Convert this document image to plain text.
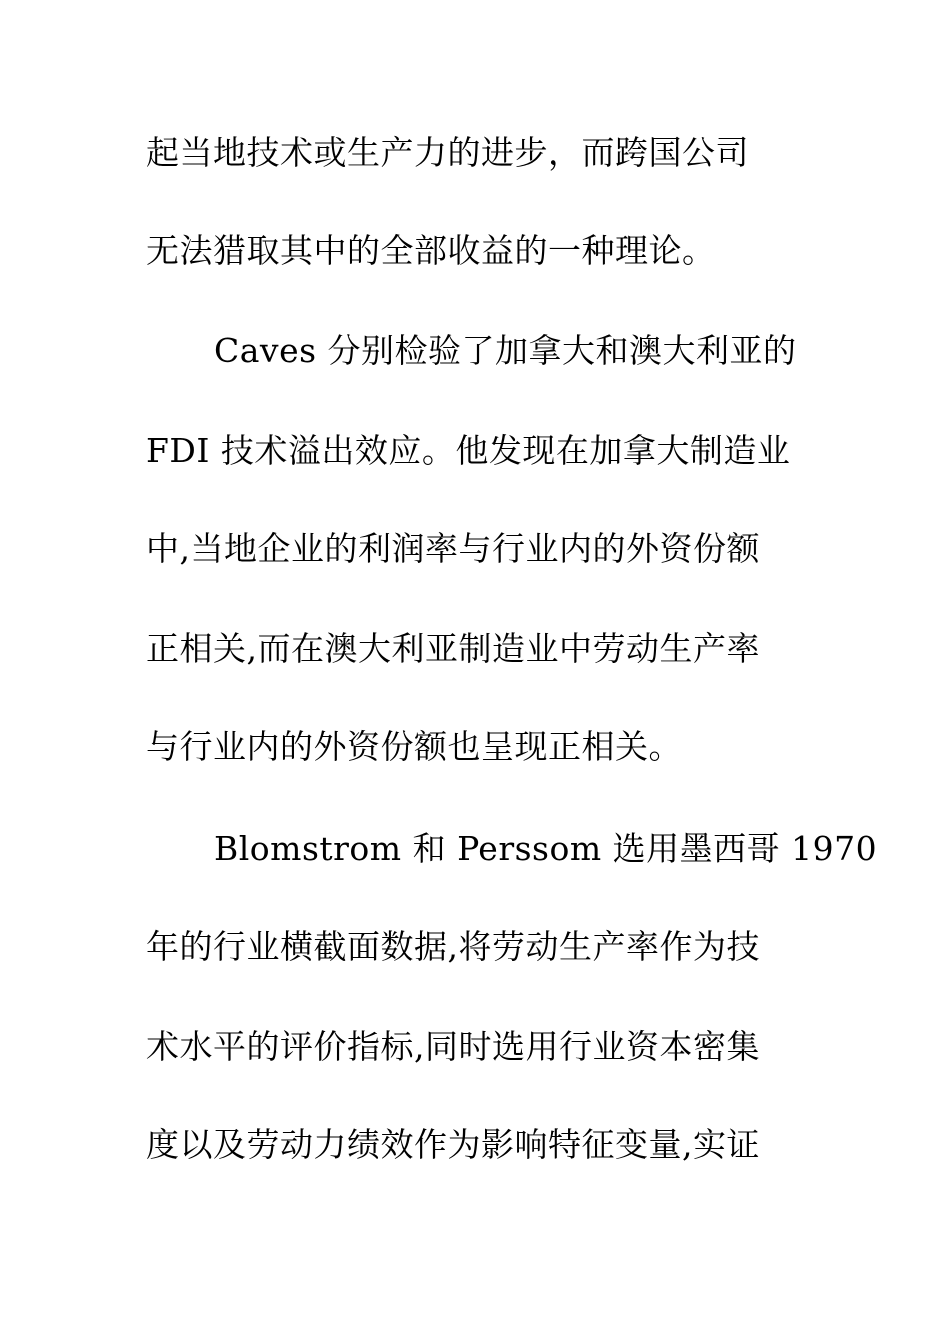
起当地技术或生产力的进步，而跨国公司
无法猎取其中的全部收益的一种理论。
Caves 分别检验了加拿大和澳大利亚的
FDI 技术溢出效应。他发现在加拿大制造业
中,当地企业的利润率与行业内的外资份额
正相关,而在澳大利亚制造业中劳动生产率
与行业内的外资份额也呈现正相关。
Blomstrom 和 Perssom 选用墨西哥 1970
年的行业横截面数据,将劳动生产率作为技
术水平的评价指标,同时选用行业资本密集
度以及劳动力绩效作为影响特征变量,实证
